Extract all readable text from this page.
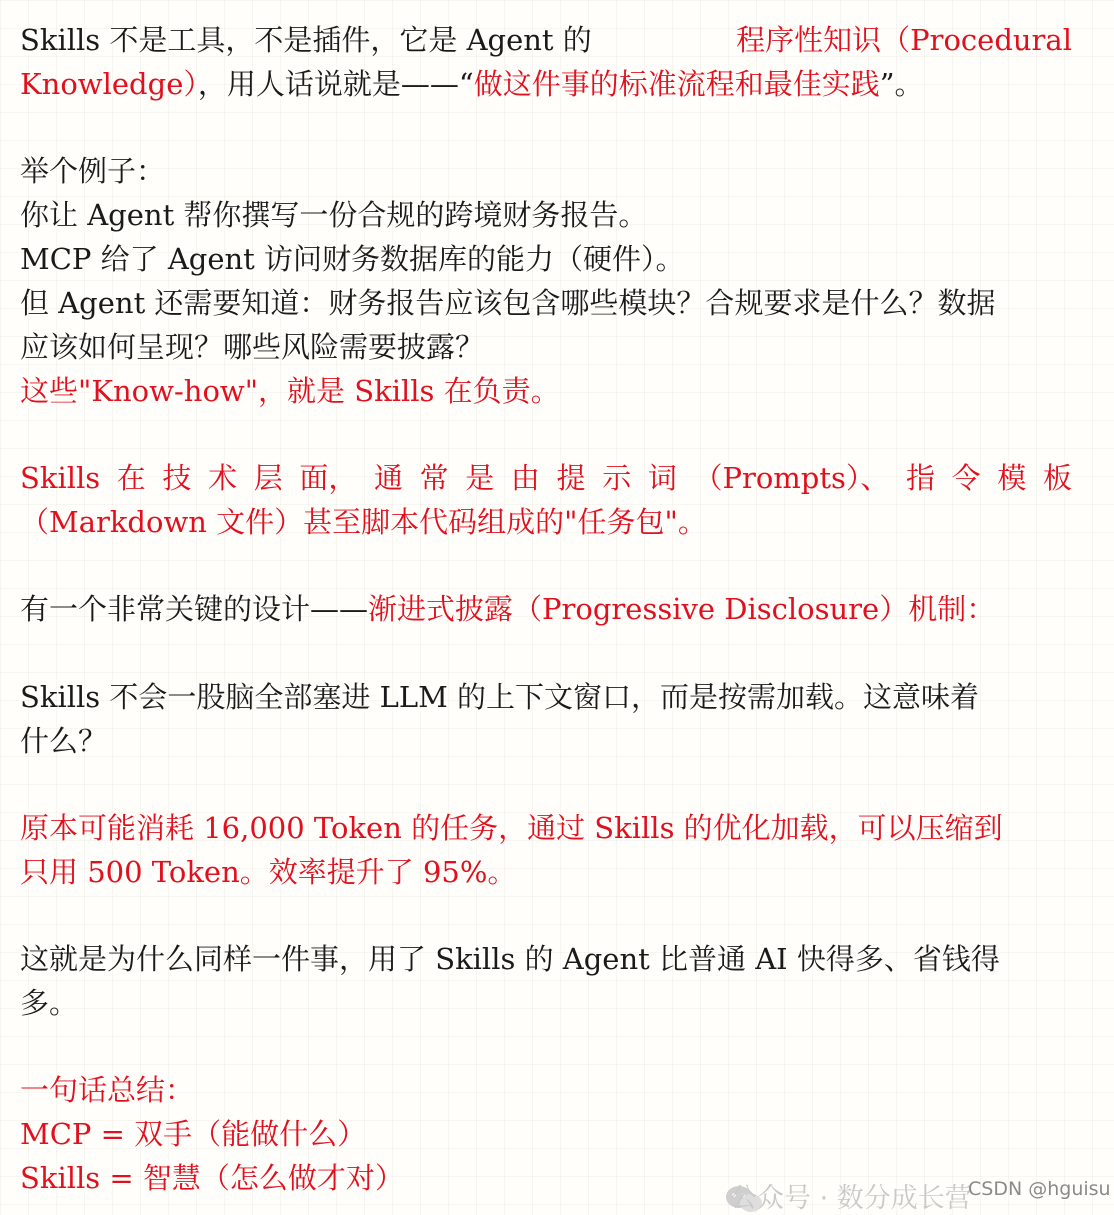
Skills 不是工具，不是插件，它是 Agent 的	程序性知识（Procedural
Knowledge），用人话说就是——“做这件事的标准流程和最佳实践”。
举个例子：
你让 Agent 帮你撰写一份合规的跨境财务报告。
MCP 给了 Agent 访问财务数据库的能力（硬件）。
但 Agent 还需要知道：财务报告应该包含哪些模块？合规要求是什么？数据
应该如何呈现？哪些风险需要披露？
这些"Know-how"，就是 Skills 在负责。
Skills 在 技 术 层 面， 通 常 是 由 提 示 词 （Prompts）、 指 令 模 板
（Markdown 文件）甚至脚本代码组成的"任务包"。
有一个非常关键的设计——渐进式披露（Progressive Disclosure）机制：
Skills 不会一股脑全部塞进 LLM 的上下文窗口，而是按需加载。这意味着
什么？
原本可能消耗 16,000 Token 的任务，通过 Skills 的优化加载，可以压缩到
只用 500 Token。效率提升了 95%。
这就是为什么同样一件事，用了 Skills 的 Agent 比普通 AI 快得多、省钱得
多。
一句话总结：
MCP = 双手（能做什么）
Skills = 智慧（怎么做才对）
公众号 · 数分成长营
CSDN @hguisu
